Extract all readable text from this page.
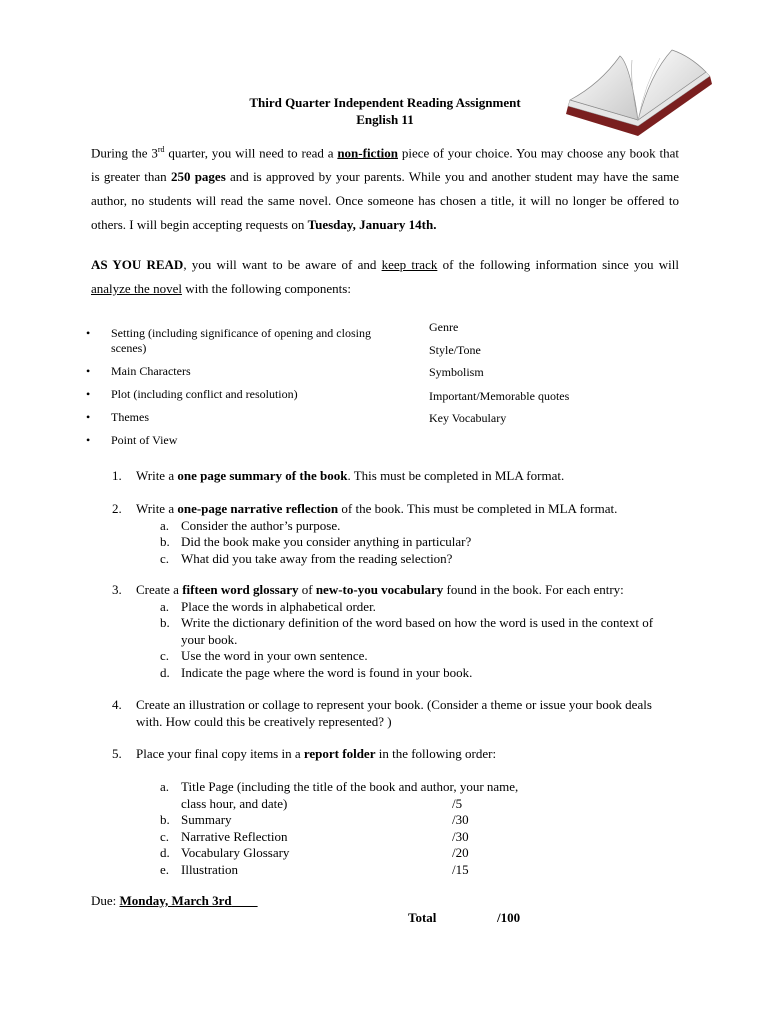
Third Quarter Independent Reading Assignment
English 11
During the 3rd quarter, you will need to read a non-fiction piece of your choice. You may choose any book that is greater than 250 pages and is approved by your parents. While you and another student may have the same author, no students will read the same novel. Once someone has chosen a title, it will no longer be offered to others. I will begin accepting requests on Tuesday, January 14th.
AS YOU READ, you will want to be aware of and keep track of the following information since you will analyze the novel with the following components:
• Setting (including significance of opening and closing scenes)
• Main Characters
• Plot (including conflict and resolution)
• Themes
• Point of View
Genre
Style/Tone
Symbolism
Important/Memorable quotes
Key Vocabulary
1. Write a one page summary of the book. This must be completed in MLA format.
2. Write a one-page narrative reflection of the book. This must be completed in MLA format.
a. Consider the author’s purpose.
b. Did the book make you consider anything in particular?
c. What did you take away from the reading selection?
3. Create a fifteen word glossary of new-to-you vocabulary found in the book. For each entry:
a. Place the words in alphabetical order.
b. Write the dictionary definition of the word based on how the word is used in the context of your book.
c. Use the word in your own sentence.
d. Indicate the page where the word is found in your book.
4. Create an illustration or collage to represent your book. (Consider a theme or issue your book deals with. How could this be creatively represented? )
5. Place your final copy items in a report folder in the following order:
a. Title Page (including the title of the book and author, your name,
class hour, and date)	/5
b. Summary	/30
c. Narrative Reflection	/30
d. Vocabulary Glossary	/20
e. Illustration	/15
Due: Monday, March 3rd
Total	/100
